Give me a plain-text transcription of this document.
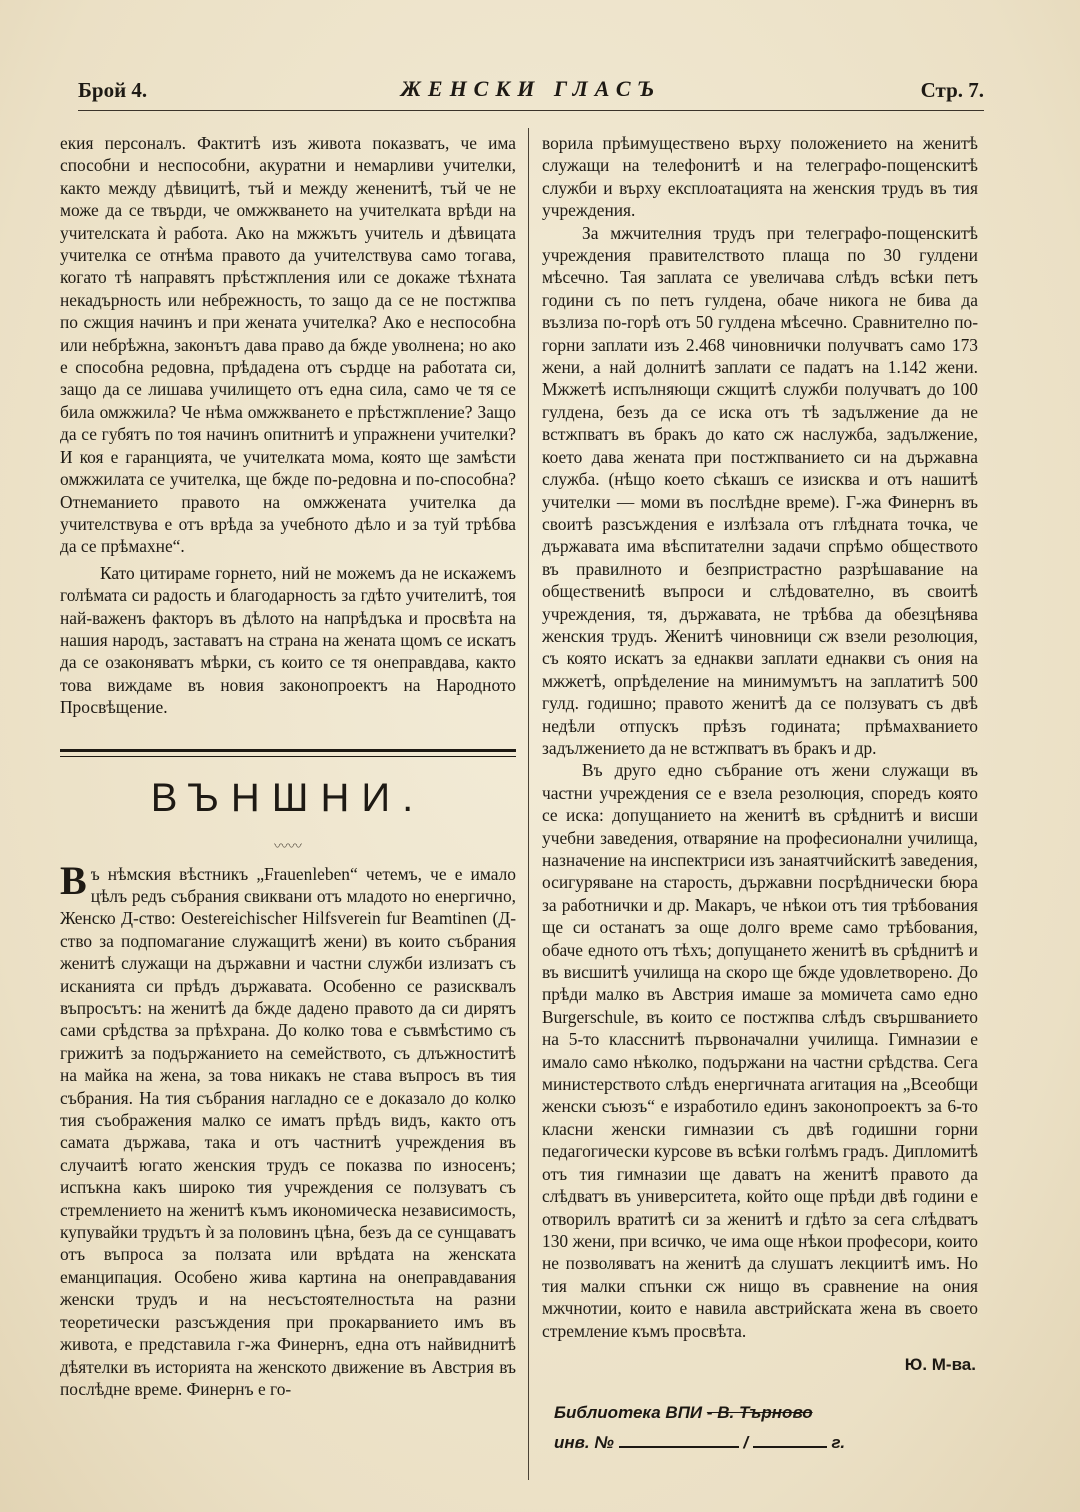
Брой 4.	ЖЕНСКИ ГЛАСЪ	Стр. 7.

екия персоналъ. Фактитѣ изъ живота показватъ, че има способни и неспособни, акуратни и немарливи учителки, както между дѣвицитѣ, тъй и между жененитѣ, тъй че не може да се твърди, че омжжването на учителката врѣди на учителската ѝ работа. Ако на мжжътъ учитель и дѣвицата учителка се отнѣма правото да учителствува само тогава, когато тѣ направятъ прѣстжпления или се докаже тѣхната некадърность или небрежность, то защо да се не постжпва по сжщия начинъ и при жената учителка? Ако е неспособна или небрѣжна, законътъ дава право да бжде уволнена; но ако е способна редовна, прѣдадена отъ сърдце на работата си, защо да се лишава училището отъ една сила, само че тя се била омжжила? Че нѣма омжжването е прѣстжпление? Защо да се губятъ по тоя начинъ опитнитѣ и упражнени учителки? И коя е гаранцията, че учителката мома, която ще замѣсти омжжилата се учителка, ще бжде по-редовна и по-способна? Отнеманието правото на омжжената учителка да учителствува е отъ врѣда за учебното дѣло и за туй трѣбва да се прѣмахне“.

Като цитираме горнето, ний не можемъ да не искажемъ голѣмата си радость и благодарность за гдѣто учителитѣ, тоя най-важенъ факторъ въ дѣлото на напрѣдъка и просвѣта на нашия народъ, заставатъ на страна на жената щомъ се искатъ да се озаконяватъ мѣрки, съ които се тя онеправдава, както това виждаме въ новия законопроектъ на Народното Просвѣщение.

ВЪНШНИ.
〰〰

Въ нѣмския вѣстникъ „Frauenleben“ четемъ, че е имало цѣлъ редъ събрания свиквани отъ младото но енергично, Женско Д-ство: Oestereichischer Hilfsverein fur Beamtinen (Д-ство за подпомагание служащитѣ жени) въ които събрания женитѣ служащи на държавни и частни служби излизатъ съ исканията си прѣдъ държавата. Особенно се разисквалъ въпросътъ: на женитѣ да бжде дадено правото да си дирятъ сами срѣдства за прѣхрана. До колко това е съвмѣстимо съ грижитѣ за подържанието на семейството, съ длъжноститѣ на майка на жена, за това никакъ не става въпросъ въ тия събрания. На тия събрания нагладно се е доказало до колко тия съображения малко се иматъ прѣдъ видъ, както отъ самата държава, така и отъ частнитѣ учреждения въ случаитѣ югато женския трудъ се показва по износенъ; испъкна какъ широко тия учреждения се ползуватъ съ стремлението на женитѣ къмъ икономическа независимость, купувайки трудътъ ѝ за половинъ цѣна, безъ да се сунщаватъ отъ въпроса за ползата или врѣдата на женската еманципация. Особено жива картина на онеправдавания женски трудъ и на несъстоятелностьта на разни теоретически разсъждения при прокарванието имъ въ живота, е представила г-жа Финернъ, една отъ найвиднитѣ дѣятелки въ историята на женското движение въ Австрия въ послѣдне време. Финернъ е го-

ворила прѣимуществено върху положението на женитѣ служащи на телефонитѣ и на телеграфо-пощенскитѣ служби и върху експлоатацията на женския трудъ въ тия учреждения.

За мжчителния трудъ при телеграфо-пощенскитѣ учреждения правителството плаща по 30 гулдени мѣсечно. Тая заплата се увеличава слѣдъ всѣки петъ години съ по петъ гулдена, обаче никога не бива да възлиза по-горѣ отъ 50 гулдена мѣсечно. Сравнително по-горни заплати изъ 2.468 чиновнички получватъ само 173 жени, а най долнитѣ заплати се падатъ на 1.142 жени. Мжжетѣ испълняющи сжщитѣ служби получватъ до 100 гулдена, безъ да се иска отъ тѣ задължение да не встжпватъ въ бракъ до като сж наслужба, задължение, което дава жената при постжпванието си на държавна служба. (нѣщо което сѣкашъ се изисква и отъ нашитѣ учителки — моми въ послѣдне време). Г-жа Финернъ въ своитѣ разсъждения е излѣзала отъ глѣдната точка, че държавата има вѣспитателни задачи спрѣмо обществото въ правилното и безпристрастно разрѣшавание на обществениtѣ въпроси и слѣдователно, въ своитѣ учреждения, тя, държавата, не трѣбва да обезцѣнява женския трудъ. Женитѣ чиновници сж взели резолюция, съ която искатъ за еднакви заплати еднакви съ ония на мжжетѣ, опрѣделение на минимумътъ на заплатитѣ 500 гулд. годишно; правото женитѣ да се ползуватъ съ двѣ недѣли отпускъ прѣзъ годината; прѣмахванието задължението да не встжпватъ въ бракъ и др.

Въ друго едно събрание отъ жени служащи въ частни учреждения се е взела резолюция, споредъ която се иска: допущанието на женитѣ въ срѣднитѣ и висши учебни заведения, отваряние на професионални училища, назначение на инспектриси изъ занаятчийскитѣ заведения, осигуряване на старость, държавни посрѣднически бюра за работнички и др. Макаръ, че нѣкои отъ тия трѣбования ще си останатъ за още долго време само трѣбования, обаче едното отъ тѣхъ; допущането женитѣ въ срѣднитѣ и въ висшитѣ училища на скоро ще бжде удовлетворено. До прѣди малко въ Австрия имаше за момичета само едно Burgerschule, въ които се постжпва слѣдъ свършванието на 5-то класснитѣ първоначални училища. Гимназии е имало само нѣколко, подържани на частни срѣдства. Сега министерството слѣдъ енергичната агитация на „Всеобщи женски съюзъ“ е изработило единъ законопроектъ за 6-то класни женски гимназии съ двѣ годишни горни педагогически курсове въ всѣки голѣмъ градъ. Дипломитѣ отъ тия гимназии ще даватъ на женитѣ правото да слѣдватъ въ университета, който още прѣди двѣ години е отворилъ вратитѣ си за женитѣ и гдѣто за сега слѣдватъ 130 жени, при всичко, че има още нѣкои професори, които не позволяватъ на женитѣ да слушатъ лекциитѣ имъ. Но тия малки спънки сж нищо въ сравнение на ония мжчнотии, които е навила австрийската жена въ своето стремление къмъ просвѣта.

Ю. М-ва.
Библиотека ВПИ - В. Търново
инв. №	/	г.
